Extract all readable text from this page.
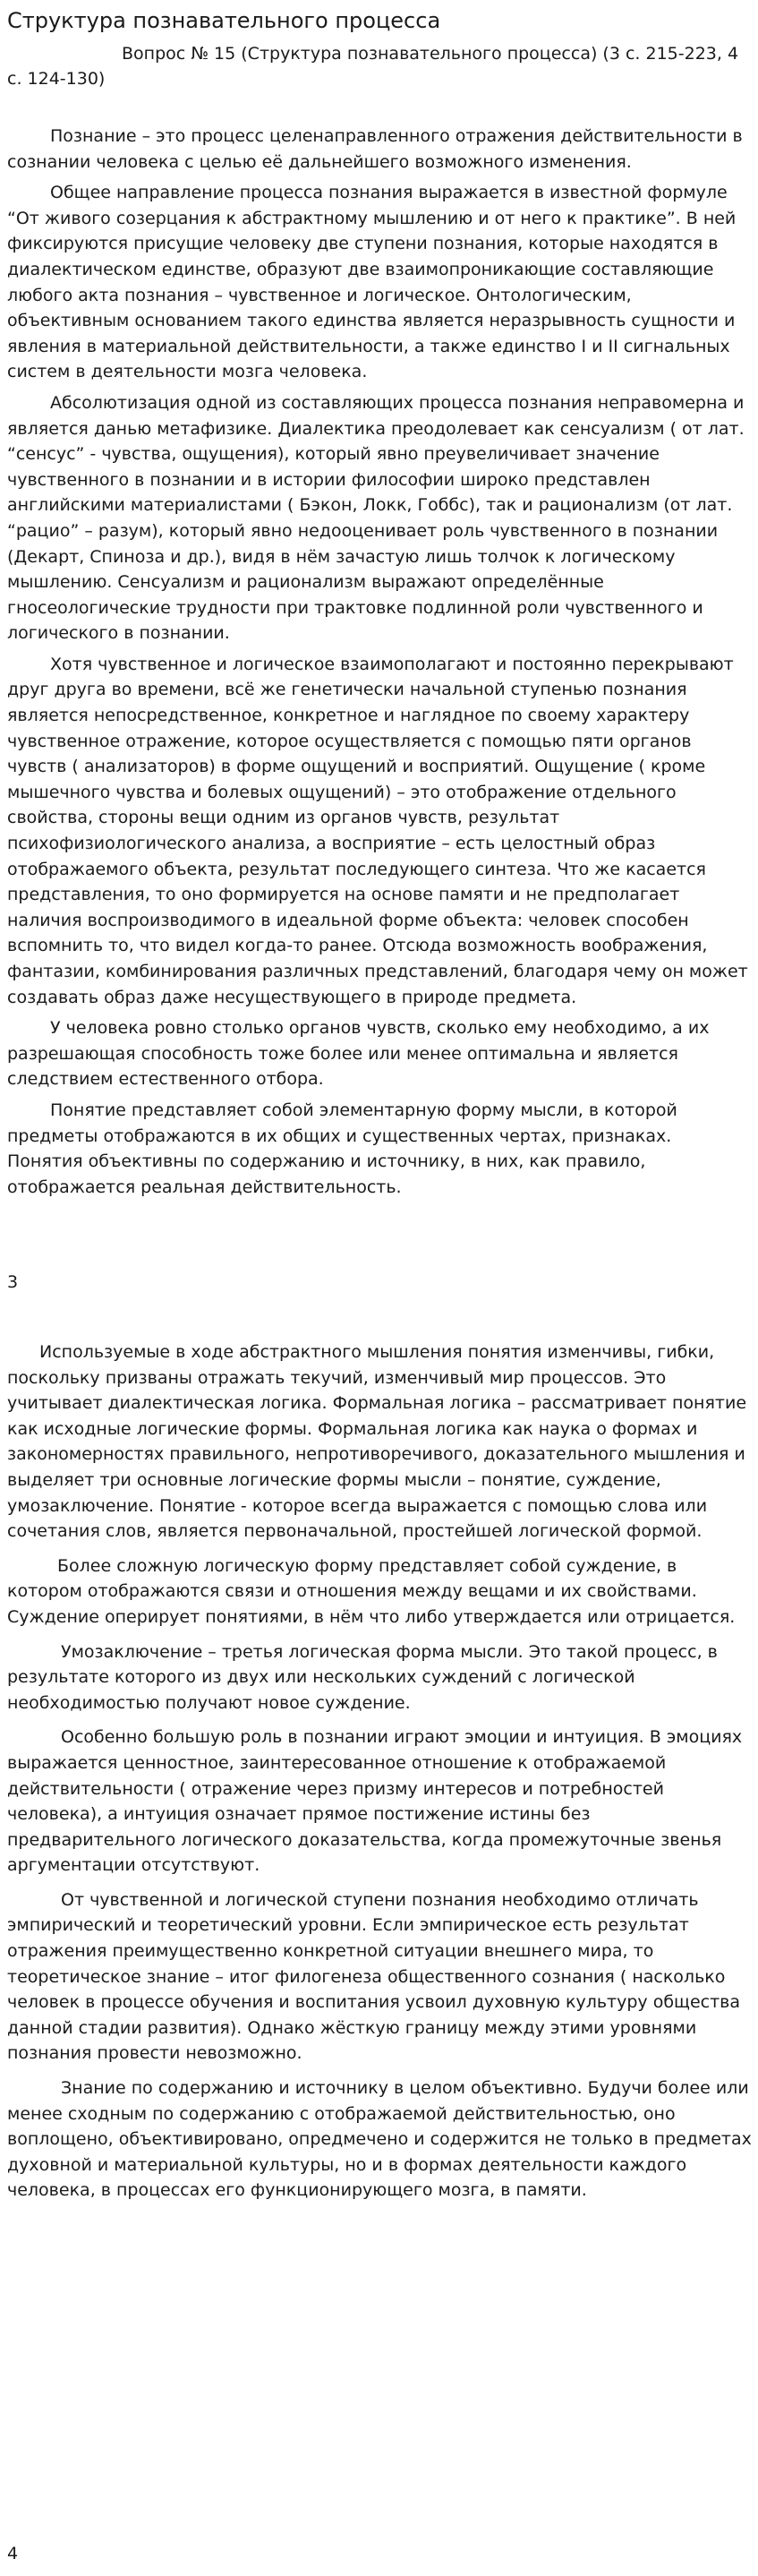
Структура познавательного процесса

Вопрос № 15 (Структура познавательного процесса) (3 с. 215-223, 4 с. 124-130)

Познание – это процесс целенаправленного отражения действительности в сознании человека с целью её дальнейшего возможного изменения.

Общее направление процесса познания выражается в известной формуле “От живого созерцания к абстрактному мышлению и от него к практике”. В ней фиксируются присущие человеку две ступени познания, которые находятся в диалектическом единстве, образуют две взаимопроникающие составляющие любого акта познания – чувственное и логическое. Онтологическим, объективным основанием такого единства является неразрывность сущности и явления в материальной действительности, а также единство I и II сигнальных систем в деятельности мозга человека.

Абсолютизация одной из составляющих процесса познания неправомерна и является данью метафизике. Диалектика преодолевает как сенсуализм ( от лат. “сенсус” - чувства, ощущения), который явно преувеличивает значение чувственного в познании и в истории философии широко представлен английскими материалистами ( Бэкон, Локк, Гоббс), так и рационализм (от лат. “рацио” – разум), который явно недооценивает роль чувственного в познании (Декарт, Спиноза и др.), видя в нём зачастую лишь толчок к логическому мышлению. Сенсуализм и рационализм выражают определённые гносеологические трудности при трактовке подлинной роли чувственного и логического в познании.

Хотя чувственное и логическое взаимополагают и постоянно перекрывают друг друга во времени, всё же генетически начальной ступенью познания является непосредственное, конкретное и наглядное по своему характеру чувственное отражение, которое осуществляется с помощью пяти органов чувств ( анализаторов) в форме ощущений и восприятий. Ощущение ( кроме мышечного чувства и болевых ощущений) – это отображение отдельного свойства, стороны вещи одним из органов чувств, результат психофизиологического анализа, а восприятие – есть целостный образ отображаемого объекта, результат последующего синтеза. Что же касается представления, то оно формируется на основе памяти и не предполагает наличия воспроизводимого в идеальной форме объекта: человек способен вспомнить то, что видел когда-то ранее. Отсюда возможность воображения, фантазии, комбинирования различных представлений, благодаря чему он может создавать образ даже несуществующего в природе предмета.

У человека ровно столько органов чувств, сколько ему необходимо, а их разрешающая способность тоже более или менее оптимальна и является следствием естественного отбора.

Понятие представляет собой элементарную форму мысли, в которой предметы отображаются в их общих и существенных чертах, признаках. Понятия объективны по содержанию и источнику, в них, как правило, отображается реальная действительность.

3

Используемые в ходе абстрактного мышления понятия изменчивы, гибки, поскольку призваны отражать текучий, изменчивый мир процессов. Это учитывает диалектическая логика. Формальная логика – рассматривает понятие как исходные логические формы. Формальная логика как наука о формах и закономерностях правильного, непротиворечивого, доказательного мышления и выделяет три основные логические формы мысли – понятие, суждение, умозаключение. Понятие - которое всегда выражается с помощью слова или сочетания слов, является первоначальной, простейшей логической формой.

Более сложную логическую форму представляет собой суждение, в котором отображаются связи и отношения между вещами и их свойствами. Суждение оперирует понятиями, в нём что либо утверждается или отрицается.

Умозаключение – третья логическая форма мысли. Это такой процесс, в результате которого из двух или нескольких суждений с логической необходимостью получают новое суждение.

Особенно большую роль в познании играют эмоции и интуиция. В эмоциях выражается ценностное, заинтересованное отношение к отображаемой действительности ( отражение через призму интересов и потребностей человека), а интуиция означает прямое постижение истины без предварительного логического доказательства, когда промежуточные звенья аргументации отсутствуют.

От чувственной и логической ступени познания необходимо отличать эмпирический и теоретический уровни. Если эмпирическое есть результат отражения преимущественно конкретной ситуации внешнего мира, то теоретическое знание – итог филогенеза общественного сознания ( насколько человек в процессе обучения и воспитания усвоил духовную культуру общества данной стадии развития). Однако жёсткую границу между этими уровнями познания провести невозможно.

Знание по содержанию и источнику в целом объективно. Будучи более или менее сходным по содержанию с отображаемой действительностью, оно воплощено, объективировано, опредмечено и содержится не только в предметах духовной и материальной культуры, но и в формах деятельности каждого человека, в процессах его функционирующего мозга, в памяти.

4
